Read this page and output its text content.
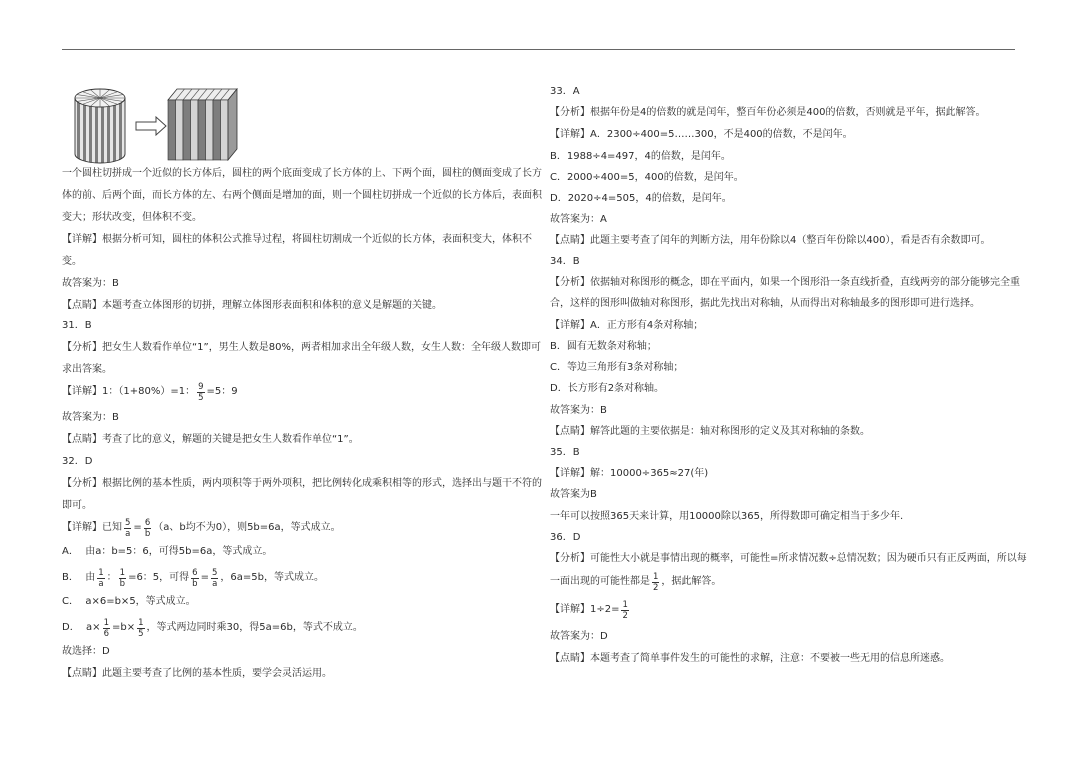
一个圆柱切拼成一个近似的长方体后，圆柱的两个底面变成了长方体的上、下两个面，圆柱的侧面变成了长方
体的前、后两个面，而长方体的左、右两个侧面是增加的面，则一个圆柱切拼成一个近似的长方体后，表面积
变大；形状改变，但体积不变。
【详解】根据分析可知，圆柱的体积公式推导过程，将圆柱切割成一个近似的长方体，表面积变大，体积不
变。
故答案为：B
【点睛】本题考查立体图形的切拼，理解立体图形表面积和体积的意义是解题的关键。
31．B
【分析】把女生人数看作单位“1”，男生人数是80%，两者相加求出全年级人数，女生人数：全年级人数即可
求出答案。
【详解】1：（1+80%）=1： $\frac{9}{5} =5$：9
故答案为：B
【点睛】考查了比的意义，解题的关键是把女生人数看作单位“1”。
32．D
【分析】根据比例的基本性质，两内项积等于两外项积，把比例转化成乘积相等的形式，选择出与题干不符的
即可。
【详解】已知 $\frac{5}{a} = \frac{6}{b} (a$、b均不为0），则5b=6a，等式成立。
A．  由a：b=5：6，可得5b=6a，等式成立。
B．  由 $\frac{1}{a}$ ： $\frac{1}{b} =6$：5，可得 $\frac{6}{b} = \frac{5}{a}$ ，6a=5b，等式成立。
C．  a×6=b×5，等式成立。
D．  $a\times \frac{1}{6} =b\times \frac{1}{5}$ ，等式两边同时乘30，得5a=6b，等式不成立。
故选择：D
【点睛】此题主要考查了比例的基本性质，要学会灵活运用。
33．A
【分析】根据年份是4的倍数的就是闰年，整百年份必须是400的倍数，否则就是平年，据此解答。
【详解】A．2300÷400=5……300，不是400的倍数，不是闰年。
B．1988÷4=497，4的倍数，是闰年。
C．2000÷400=5，400的倍数，是闰年。
D．2020÷4=505，4的倍数，是闰年。
故答案为：A
【点睛】此题主要考查了闰年的判断方法，用年份除以4（整百年份除以400），看是否有余数即可。
34．B
【分析】依据轴对称图形的概念，即在平面内，如果一个图形沿一条直线折叠，直线两旁的部分能够完全重
合，这样的图形叫做轴对称图形，据此先找出对称轴，从而得出对称轴最多的图形即可进行选择。
【详解】A．正方形有4条对称轴；
B．圆有无数条对称轴；
C．等边三角形有3条对称轴；
D．长方形有2条对称轴。
故答案为：B
【点睛】解答此题的主要依据是：轴对称图形的定义及其对称轴的条数。
35．B
【详解】解：10000÷365≈27(年)
故答案为B
一年可以按照365天来计算，用10000除以365，所得数即可确定相当于多少年.
36．D
【分析】可能性大小就是事情出现的概率，可能性=所求情况数÷总情况数；因为硬币只有正反两面，所以每
一面出现的可能性都是 $\frac{1}{2}$ ，据此解答。
【详解】$1\div 2= \frac{1}{2}$
故答案为：D
【点睛】本题考查了简单事件发生的可能性的求解，注意：不要被一些无用的信息所迷惑。
